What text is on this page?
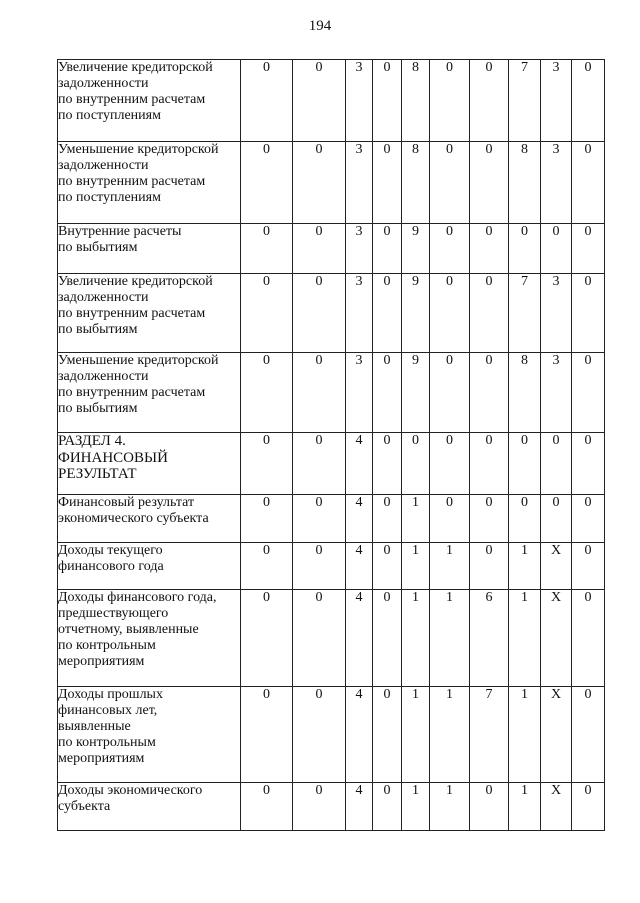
194
Увеличение кредиторской
задолженности
по внутренним расчетам
по поступлениям	0	0	3	0	8	0	0	7	3	0

Уменьшение кредиторской
задолженности
по внутренним расчетам
по поступлениям	0	0	3	0	8	0	0	8	3	0

Внутренние расчеты
по выбытиям	0	0	3	0	9	0	0	0	0	0

Увеличение кредиторской
задолженности
по внутренним расчетам
по выбытиям	0	0	3	0	9	0	0	7	3	0

Уменьшение кредиторской
задолженности
по внутренним расчетам
по выбытиям	0	0	3	0	9	0	0	8	3	0

РАЗДЕЛ 4.
ФИНАНСОВЫЙ
РЕЗУЛЬТАТ	0	0	4	0	0	0	0	0	0	0

Финансовый результат
экономического субъекта	0	0	4	0	1	0	0	0	0	0

Доходы текущего
финансового года	0	0	4	0	1	1	0	1	X	0

Доходы финансового года,
предшествующего
отчетному, выявленные
по контрольным
мероприятиям	0	0	4	0	1	1	6	1	X	0

Доходы прошлых
финансовых лет,
выявленные
по контрольным
мероприятиям	0	0	4	0	1	1	7	1	X	0

Доходы экономического
субъекта	0	0	4	0	1	1	0	1	X	0
